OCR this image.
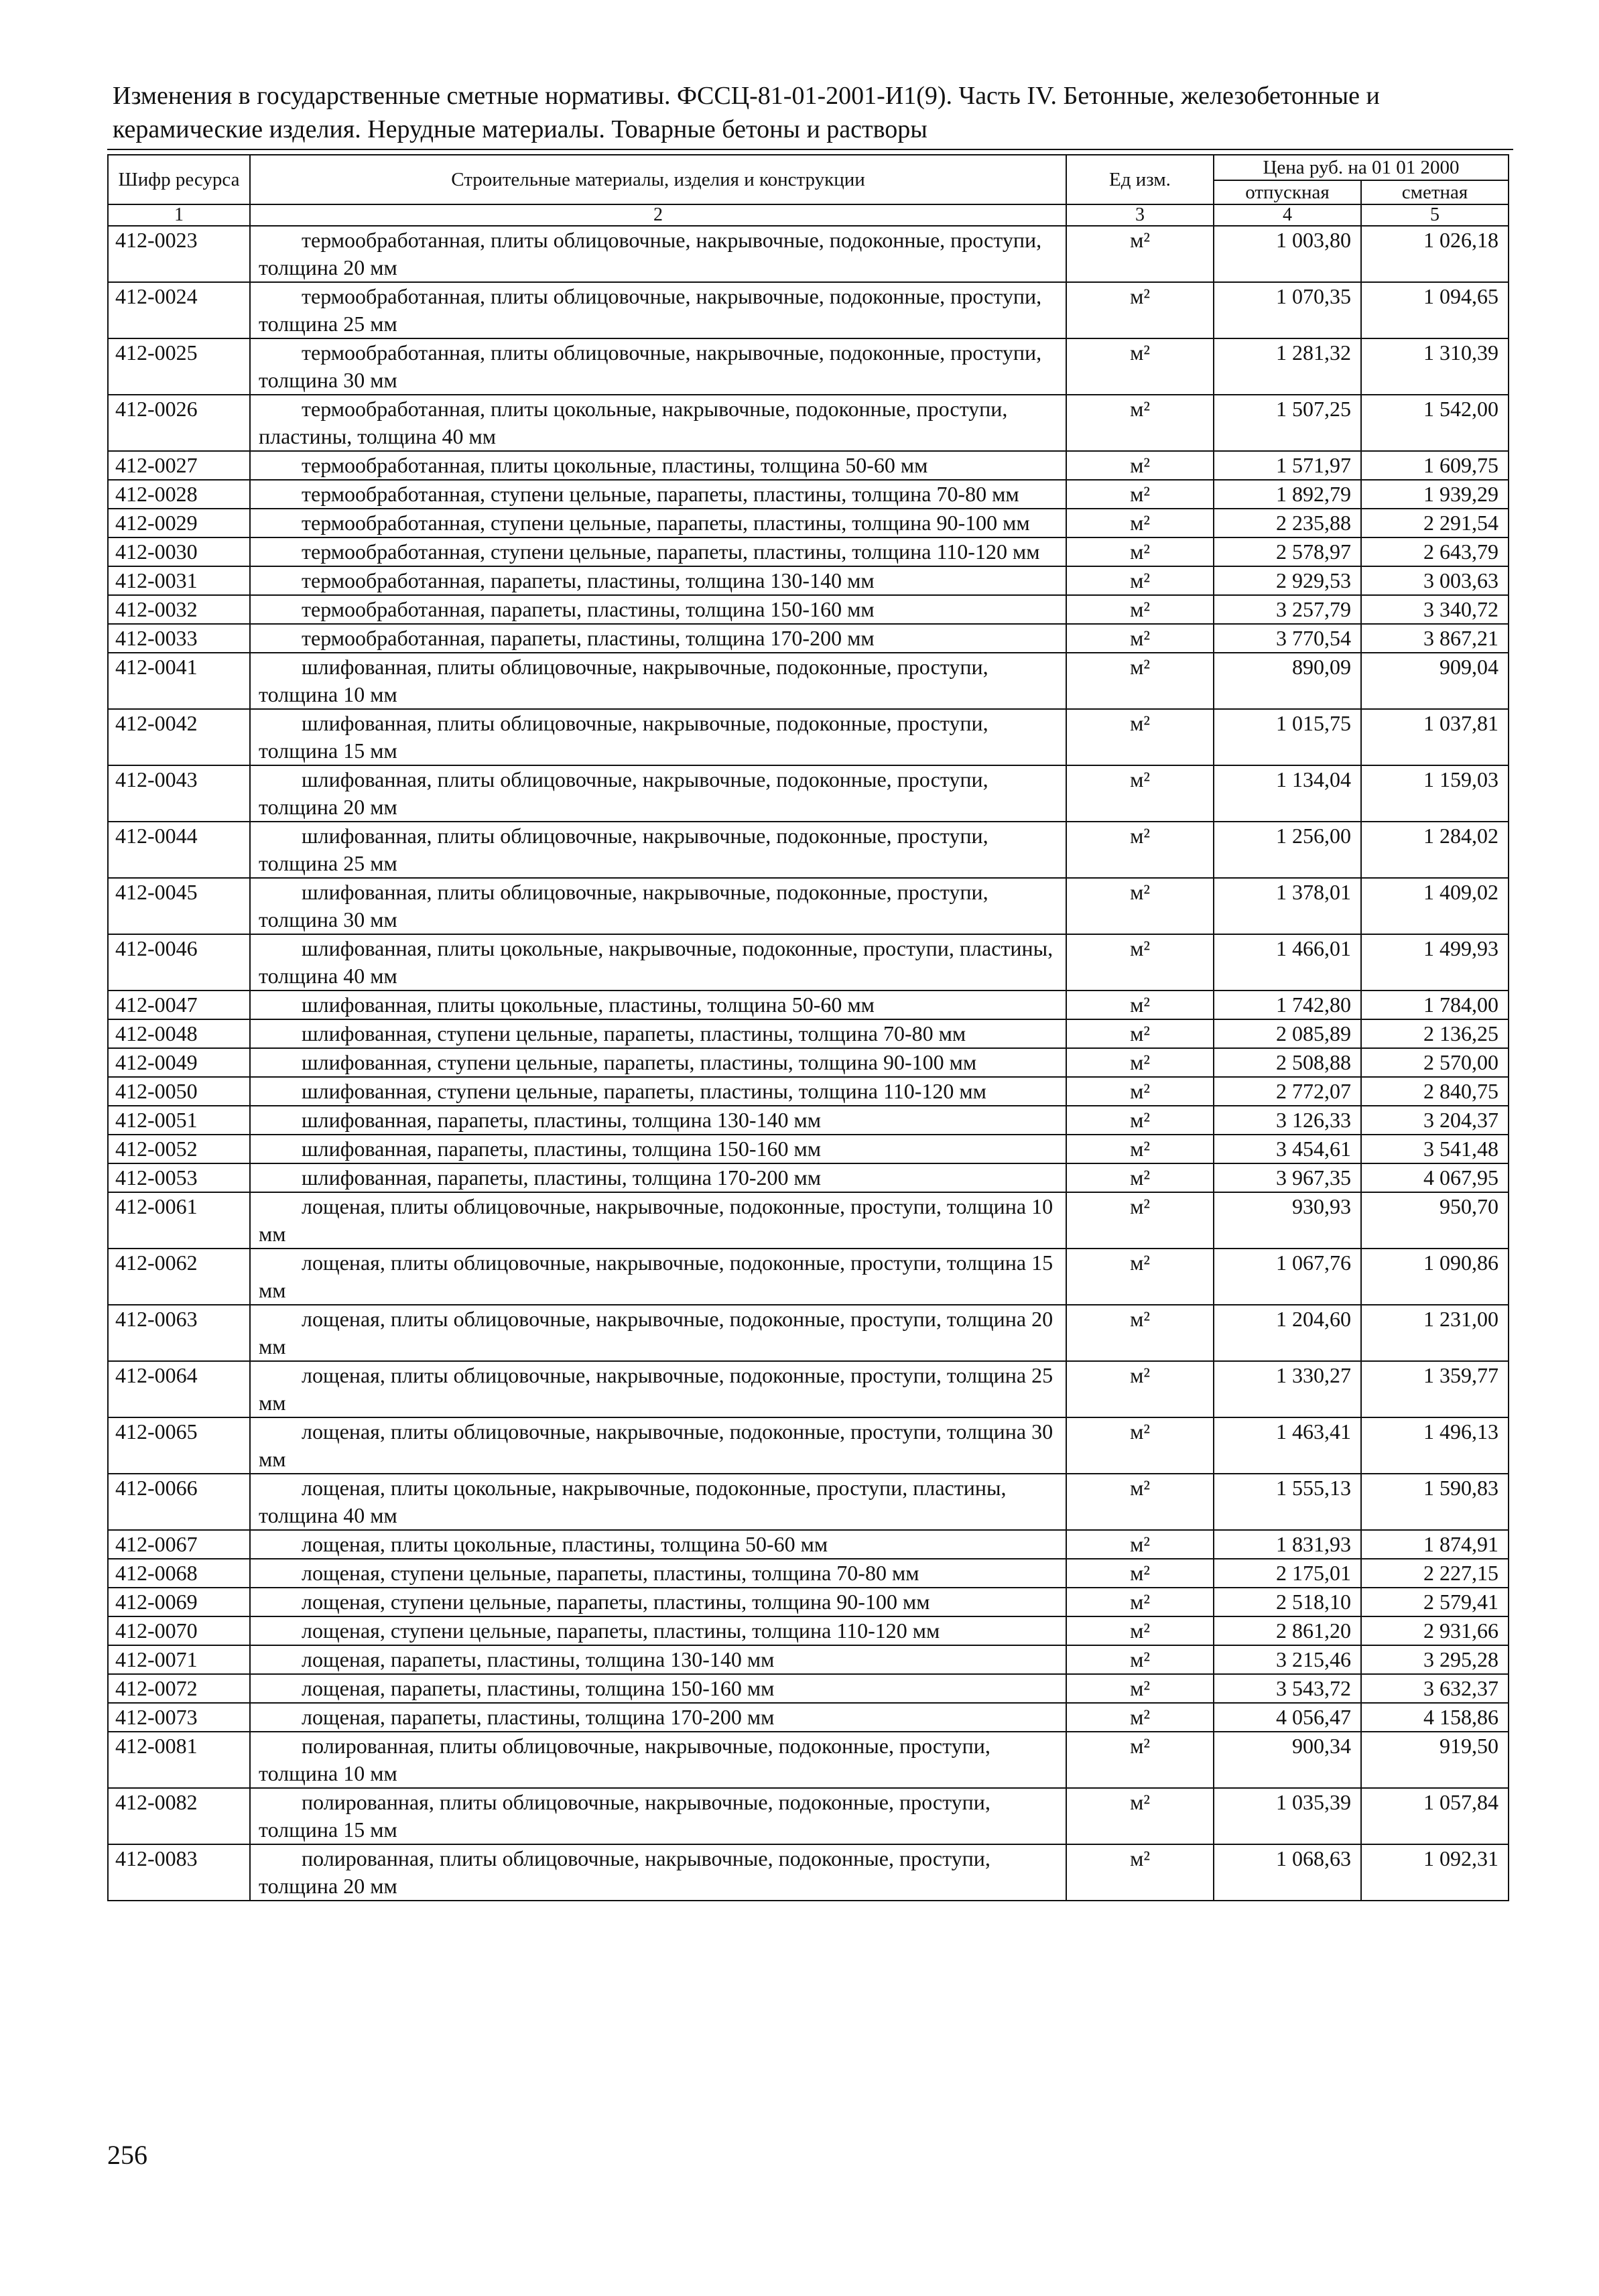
Изменения в государственные сметные нормативы. ФССЦ-81-01-2001-И1(9). Часть IV. Бетонные, железобетонные и
керамические изделия. Нерудные материалы. Товарные бетоны и растворы
Шифр ресурса	Строительные материалы, изделия и конструкции	Ед изм.	Цена руб. на 01 01 2000	
			отпускная	сметная
1	2	3	4	5
412-0023	термообработанная, плиты облицовочные, накрывочные, подоконные, проступи, толщина 20 мм	м²	1 003,80	1 026,18
412-0024	термообработанная, плиты облицовочные, накрывочные, подоконные, проступи, толщина 25 мм	м²	1 070,35	1 094,65
412-0025	термообработанная, плиты облицовочные, накрывочные, подоконные, проступи, толщина 30 мм	м²	1 281,32	1 310,39
412-0026	термообработанная, плиты цокольные, накрывочные, подоконные, проступи, пластины, толщина 40 мм	м²	1 507,25	1 542,00
412-0027	термообработанная, плиты цокольные, пластины, толщина 50-60 мм	м²	1 571,97	1 609,75
412-0028	термообработанная, ступени цельные, парапеты, пластины, толщина 70-80 мм	м²	1 892,79	1 939,29
412-0029	термообработанная, ступени цельные, парапеты, пластины, толщина 90-100 мм	м²	2 235,88	2 291,54
412-0030	термообработанная, ступени цельные, парапеты, пластины, толщина 110-120 мм	м²	2 578,97	2 643,79
412-0031	термообработанная, парапеты, пластины, толщина 130-140 мм	м²	2 929,53	3 003,63
412-0032	термообработанная, парапеты, пластины, толщина 150-160 мм	м²	3 257,79	3 340,72
412-0033	термообработанная, парапеты, пластины, толщина 170-200 мм	м²	3 770,54	3 867,21
412-0041	шлифованная, плиты облицовочные, накрывочные, подоконные, проступи, толщина 10 мм	м²	890,09	909,04
412-0042	шлифованная, плиты облицовочные, накрывочные, подоконные, проступи, толщина 15 мм	м²	1 015,75	1 037,81
412-0043	шлифованная, плиты облицовочные, накрывочные, подоконные, проступи, толщина 20 мм	м²	1 134,04	1 159,03
412-0044	шлифованная, плиты облицовочные, накрывочные, подоконные, проступи, толщина 25 мм	м²	1 256,00	1 284,02
412-0045	шлифованная, плиты облицовочные, накрывочные, подоконные, проступи, толщина 30 мм	м²	1 378,01	1 409,02
412-0046	шлифованная, плиты цокольные, накрывочные, подоконные, проступи, пластины, толщина 40 мм	м²	1 466,01	1 499,93
412-0047	шлифованная, плиты цокольные, пластины, толщина 50-60 мм	м²	1 742,80	1 784,00
412-0048	шлифованная, ступени цельные, парапеты, пластины, толщина 70-80 мм	м²	2 085,89	2 136,25
412-0049	шлифованная, ступени цельные, парапеты, пластины, толщина 90-100 мм	м²	2 508,88	2 570,00
412-0050	шлифованная, ступени цельные, парапеты, пластины, толщина 110-120 мм	м²	2 772,07	2 840,75
412-0051	шлифованная, парапеты, пластины, толщина 130-140 мм	м²	3 126,33	3 204,37
412-0052	шлифованная, парапеты, пластины, толщина 150-160 мм	м²	3 454,61	3 541,48
412-0053	шлифованная, парапеты, пластины, толщина 170-200 мм	м²	3 967,35	4 067,95
412-0061	лощеная, плиты облицовочные, накрывочные, подоконные, проступи, толщина 10 мм	м²	930,93	950,70
412-0062	лощеная, плиты облицовочные, накрывочные, подоконные, проступи, толщина 15 мм	м²	1 067,76	1 090,86
412-0063	лощеная, плиты облицовочные, накрывочные, подоконные, проступи, толщина 20 мм	м²	1 204,60	1 231,00
412-0064	лощеная, плиты облицовочные, накрывочные, подоконные, проступи, толщина 25 мм	м²	1 330,27	1 359,77
412-0065	лощеная, плиты облицовочные, накрывочные, подоконные, проступи, толщина 30 мм	м²	1 463,41	1 496,13
412-0066	лощеная, плиты цокольные, накрывочные, подоконные, проступи, пластины, толщина 40 мм	м²	1 555,13	1 590,83
412-0067	лощеная, плиты цокольные, пластины, толщина 50-60 мм	м²	1 831,93	1 874,91
412-0068	лощеная, ступени цельные, парапеты, пластины, толщина 70-80 мм	м²	2 175,01	2 227,15
412-0069	лощеная, ступени цельные, парапеты, пластины, толщина 90-100 мм	м²	2 518,10	2 579,41
412-0070	лощеная, ступени цельные, парапеты, пластины, толщина 110-120 мм	м²	2 861,20	2 931,66
412-0071	лощеная, парапеты, пластины, толщина 130-140 мм	м²	3 215,46	3 295,28
412-0072	лощеная, парапеты, пластины, толщина 150-160 мм	м²	3 543,72	3 632,37
412-0073	лощеная, парапеты, пластины, толщина 170-200 мм	м²	4 056,47	4 158,86
412-0081	полированная, плиты облицовочные, накрывочные, подоконные, проступи, толщина 10 мм	м²	900,34	919,50
412-0082	полированная, плиты облицовочные, накрывочные, подоконные, проступи, толщина 15 мм	м²	1 035,39	1 057,84
412-0083	полированная, плиты облицовочные, накрывочные, подоконные, проступи, толщина 20 мм	м²	1 068,63	1 092,31
256
